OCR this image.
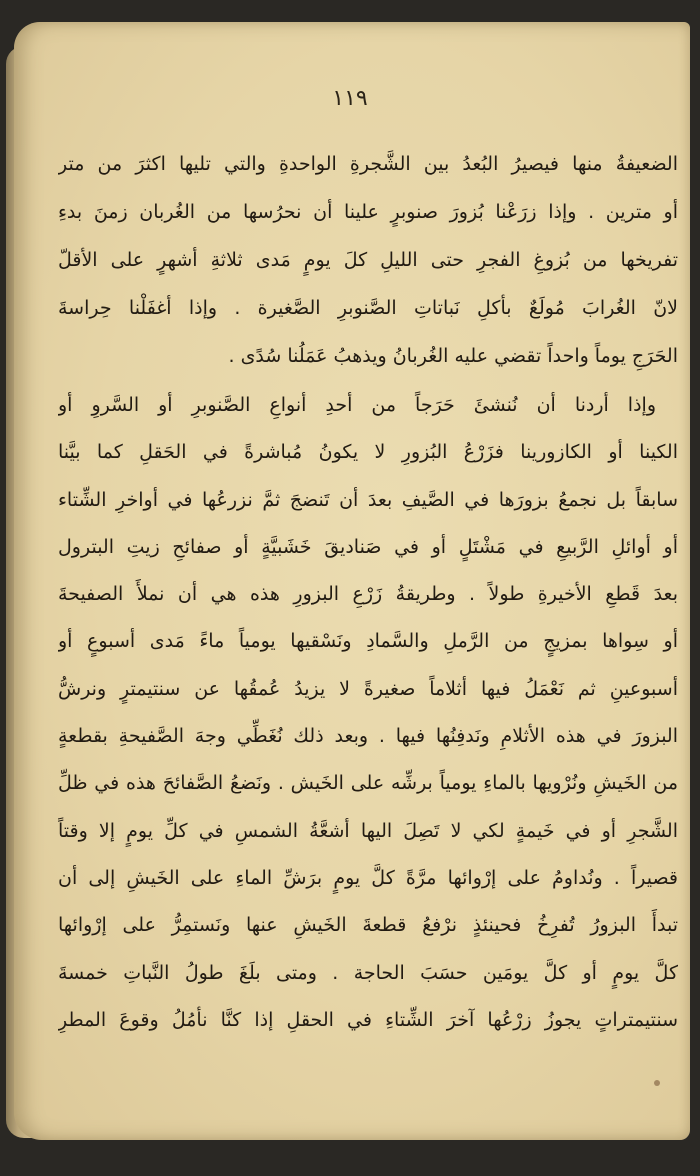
١١٩
الضعيفةُ منها فيصيرُ البُعدُ بين الشَّجرةِ الواحدةِ والتي تليها اكثرَ من متر
أو مترين . وإذا زرَعْنا بُزورَ صنوبرٍ علينا أن نحرُسها من الغُربان زمنَ بدءِ
تفريخها من بُزوغِ الفجرِ حتى الليلِ كلَ يومٍ مَدى ثلاثةِ أشهرٍ على الأقلّ
لانّ الغُرابَ مُولَعٌ بأكلِ نَباتاتِ الصَّنوبرِ الصَّغيرة . وإذا أغفَلْنا حِراسةَ
الحَرَجِ يوماً واحداً تقضي عليه الغُربانُ ويذهبُ عَمَلُنا سُدًى .
وإذا أردنا أن نُنشئَ حَرَجاً من أحدِ أنواعِ الصَّنوبرِ أو السَّروِ أو
الكينا أو الكازورينا فزَرْعُ البُزورِ لا يكونُ مُباشرةً في الحَقلِ كما بيَّنا
سابقاً بل نجمعُ بزورَها في الصَّيفِ بعدَ أن تَنضجَ ثمَّ نزرعُها في أواخرِ الشِّتاء
أو أوائلِ الرَّبيعِ في مَشْتَلٍ أو في صَناديقَ خَشَبيَّةٍ أو صفائحِ زيتِ البترول
بعدَ قَطعِ الأخيرةِ طولاً . وطريقةُ زَرْعِ البزورِ هذه هي أن نملأَ الصفيحةَ
أو سِواها بمزيجٍ من الرَّملِ والسَّمادِ ونَسْقيها يومياً ماءً مَدى أسبوعٍ أو
أسبوعينِ ثم نَعْمَلُ فيها أثلاماً صغيرةً لا يزيدُ عُمقُها عن سنتيمترٍ ونرشُّ
البزورَ في هذه الأثلامِ ونَدفِنُها فيها . وبعد ذلك نُغَطِّي وجهَ الصَّفيحةِ بقطعةٍ
من الخَيشِ ونُرْويها بالماءِ يومياً برشِّه على الخَيش . ونَضعُ الصَّفائحَ هذه في ظلِّ
الشَّجرِ أو في خَيمةٍ لكي لا تَصِلَ اليها أشعَّةُ الشمسِ في كلِّ يومٍ إلا وقتاً
قصيراً . ونُداومُ على إرْوائها مرَّةً كلَّ يومٍ برَشِّ الماءِ على الخَيشِ إلى أن
تبدأَ البزورُ تُفرِخُ فحينئذٍ نرْفعُ قطعةَ الخَيشِ عنها ونَستمِرُّ على إرْوائها
كلَّ يومٍ أو كلَّ يومَين حسَبَ الحاجة . ومتى بلَغَ طولُ النَّباتِ خمسةَ
سنتيمتراتٍ يجوزُ زرْعُها آخرَ الشِّتاءِ في الحقلِ إذا كنَّا نأمُلُ وقوعَ المطرِ
